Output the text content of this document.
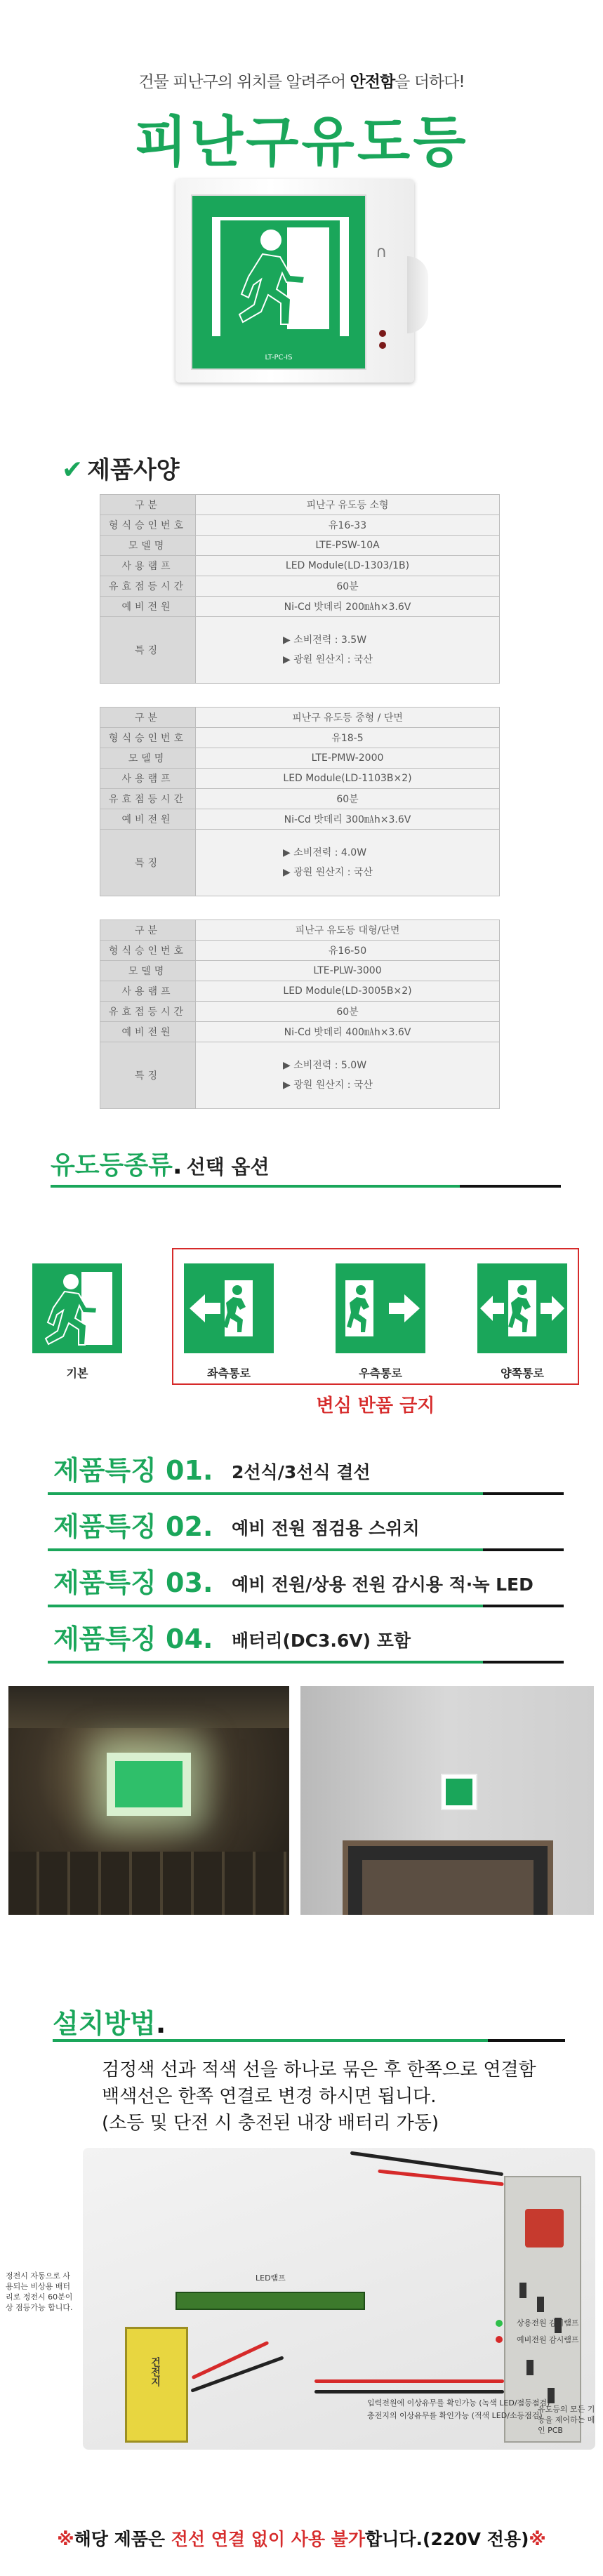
건물 피난구의 위치를 알려주어 안전함을 더하다!
피난구유도등
LT-PC-IS
∩
✔ 제품사양
구분	피난구 유도등 소형
형식승인번호	유16-33
모델명	LTE-PSW-10A
사용램프	LED Module(LD-1303/1B)
유효점등시간	60분
예비전원	Ni-Cd 밧데리 200㎃h×3.6V
특징	▶ 소비전력 : 3.5W
▶ 광원 원산지 : 국산
구분	피난구 유도등 중형 / 단면
형식승인번호	유18-5
모델명	LTE-PMW-2000
사용램프	LED Module(LD-1103B×2)
유효점등시간	60분
예비전원	Ni-Cd 밧데리 300㎃h×3.6V
특징	▶ 소비전력 : 4.0W
▶ 광원 원산지 : 국산
구분	피난구 유도등 대형/단면
형식승인번호	유16-50
모델명	LTE-PLW-3000
사용램프	LED Module(LD-3005B×2)
유효점등시간	60분
예비전원	Ni-Cd 밧데리 400㎃h×3.6V
특징	▶ 소비전력 : 5.0W
▶ 광원 원산지 : 국산
유도등종류. 선택 옵션
기본	좌측통로	우측통로	양쪽통로
변심 반품 금지
제품특징 01. 2선식/3선식 결선
제품특징 02. 예비 전원 점검용 스위치
제품특징 03. 예비 전원/상용 전원 감시용 적·녹 LED
제품특징 04. 배터리(DC3.6V) 포함
설치방법.
검정색 선과 적색 선을 하나로 묶은 후 한쪽으로 연결함
백색선은 한쪽 연결로 변경 하시면 됩니다.
(소등 및 단전 시 충전된 내장 배터리 가동)
건전지
LED램프
입력전원에 이상유무를 확인가능 (녹색 LED/점등점검)
충전지의 이상유무를 확인가능 (적색 LED/소등점검)
정전시 자동으로 사용되는 비상용 배터리로 정전시 60분이상 점등가능 합니다.
상용전원 감시램프
예비전원 감시램프
유도등의 모든 기능을 제어하는 메인 PCB
※해당 제품은 전선 연결 없이 사용 불가합니다.(220V 전용)※
